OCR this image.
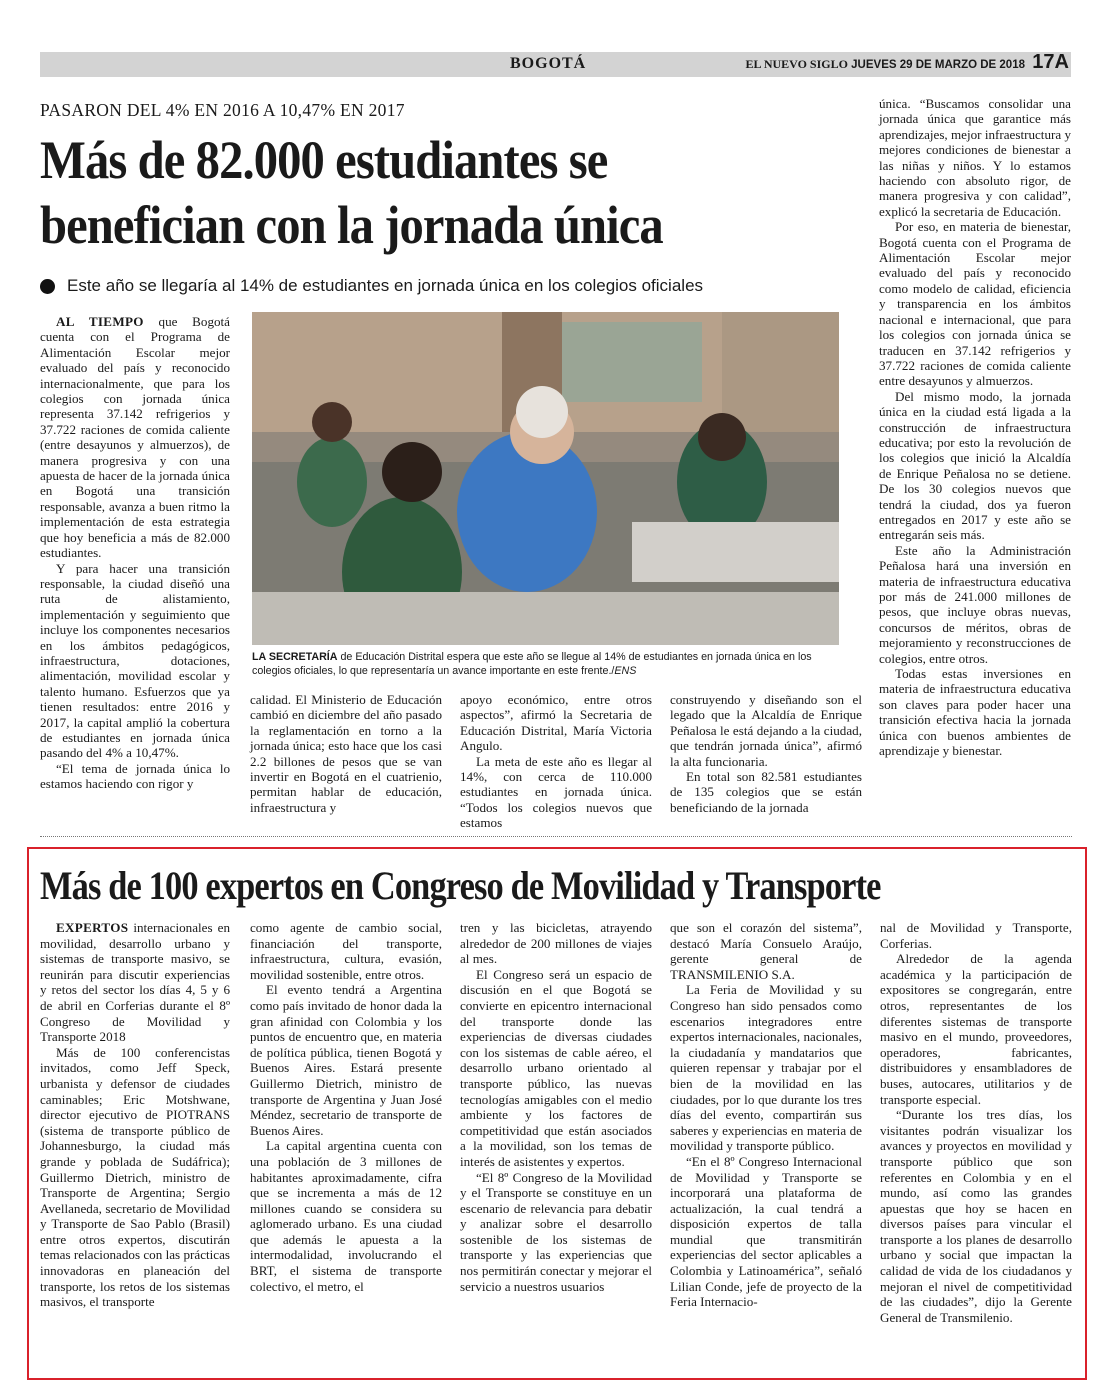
BOGOTÁ	EL NUEVO SIGLO JUEVES 29 DE MARZO DE 2018 17A
PASARON DEL 4% EN 2016 A 10,47% EN 2017
Más de 82.000 estudiantes se benefician con la jornada única
Este año se llegaría al 14% de estudiantes en jornada única en los colegios oficiales

AL TIEMPO que Bogotá cuenta con el Programa de Alimentación Escolar mejor evaluado del país y reconocido internacionalmente, que para los colegios con jornada única representa 37.142 refrigerios y 37.722 raciones de comida caliente (entre desayunos y almuerzos), de manera progresiva y con una apuesta de hacer de la jornada única en Bogotá una transición responsable, avanza a buen ritmo la implementación de esta estrategia que hoy beneficia a más de 82.000 estudiantes.

Y para hacer una transición responsable, la ciudad diseñó una ruta de alistamiento, implementación y seguimiento que incluye los componentes necesarios en los ámbitos pedagógicos, infraestructura, dotaciones, alimentación, movilidad escolar y talento humano. Esfuerzos que ya tienen resultados: entre 2016 y 2017, la capital amplió la cobertura de estudiantes en jornada única pasando del 4% a 10,47%.

“El tema de jornada única lo estamos haciendo con rigor y

LA SECRETARÍA de Educación Distrital espera que este año se llegue al 14% de estudiantes en jornada única en los colegios oficiales, lo que representaría un avance importante en este frente./ENS

calidad. El Ministerio de Educación cambió en diciembre del año pasado la reglamentación en torno a la jornada única; esto hace que los casi 2.2 billones de pesos que se van invertir en Bogotá en el cuatrienio, permitan hablar de educación, infraestructura y

apoyo económico, entre otros aspectos”, afirmó la Secretaria de Educación Distrital, María Victoria Angulo.

La meta de este año es llegar al 14%, con cerca de 110.000 estudiantes en jornada única. “Todos los colegios nuevos que estamos

construyendo y diseñando son el legado que la Alcaldía de Enrique Peñalosa le está dejando a la ciudad, que tendrán jornada única”, afirmó la alta funcionaria.

En total son 82.581 estudiantes de 135 colegios que se están beneficiando de la jornada

única. “Buscamos consolidar una jornada única que garantice más aprendizajes, mejor infraestructura y mejores condiciones de bienestar a las niñas y niños. Y lo estamos haciendo con absoluto rigor, de manera progresiva y con calidad”, explicó la secretaria de Educación.

Por eso, en materia de bienestar, Bogotá cuenta con el Programa de Alimentación Escolar mejor evaluado del país y reconocido como modelo de calidad, eficiencia y transparencia en los ámbitos nacional e internacional, que para los colegios con jornada única se traducen en 37.142 refrigerios y 37.722 raciones de comida caliente entre desayunos y almuerzos.

Del mismo modo, la jornada única en la ciudad está ligada a la construcción de infraestructura educativa; por esto la revolución de los colegios que inició la Alcaldía de Enrique Peñalosa no se detiene. De los 30 colegios nuevos que tendrá la ciudad, dos ya fueron entregados en 2017 y este año se entregarán seis más.

Este año la Administración Peñalosa hará una inversión en materia de infraestructura educativa por más de 241.000 millones de pesos, que incluye obras nuevas, concursos de méritos, obras de mejoramiento y reconstrucciones de colegios, entre otros.

Todas estas inversiones en materia de infraestructura educativa son claves para poder hacer una transición efectiva hacia la jornada única con buenos ambientes de aprendizaje y bienestar.

Más de 100 expertos en Congreso de Movilidad y Transporte

EXPERTOS internacionales en movilidad, desarrollo urbano y sistemas de transporte masivo, se reunirán para discutir experiencias y retos del sector los días 4, 5 y 6 de abril en Corferias durante el 8º Congreso de Movilidad y Transporte 2018

Más de 100 conferencistas invitados, como Jeff Speck, urbanista y defensor de ciudades caminables; Eric Motshwane, director ejecutivo de PIOTRANS (sistema de transporte público de Johannesburgo, la ciudad más grande y poblada de Sudáfrica); Guillermo Dietrich, ministro de Transporte de Argentina; Sergio Avellaneda, secretario de Movilidad y Transporte de Sao Pablo (Brasil) entre otros expertos, discutirán temas relacionados con las prácticas innovadoras en planeación del transporte, los retos de los sistemas masivos, el transporte

como agente de cambio social, financiación del transporte, infraestructura, cultura, evasión, movilidad sostenible, entre otros.

El evento tendrá a Argentina como país invitado de honor dada la gran afinidad con Colombia y los puntos de encuentro que, en materia de política pública, tienen Bogotá y Buenos Aires. Estará presente Guillermo Dietrich, ministro de transporte de Argentina y Juan José Méndez, secretario de transporte de Buenos Aires.

La capital argentina cuenta con una población de 3 millones de habitantes aproximadamente, cifra que se incrementa a más de 12 millones cuando se considera su aglomerado urbano. Es una ciudad que además le apuesta a la intermodalidad, involucrando el BRT, el sistema de transporte colectivo, el metro, el

tren y las bicicletas, atrayendo alrededor de 200 millones de viajes al mes.

El Congreso será un espacio de discusión en el que Bogotá se convierte en epicentro internacional del transporte donde las experiencias de diversas ciudades con los sistemas de cable aéreo, el desarrollo urbano orientado al transporte público, las nuevas tecnologías amigables con el medio ambiente y los factores de competitividad que están asociados a la movilidad, son los temas de interés de asistentes y expertos.

“El 8º Congreso de la Movilidad y el Transporte se constituye en un escenario de relevancia para debatir y analizar sobre el desarrollo sostenible de los sistemas de transporte y las experiencias que nos permitirán conectar y mejorar el servicio a nuestros usuarios

que son el corazón del sistema”, destacó María Consuelo Araújo, gerente general de TRANSMILENIO S.A.

La Feria de Movilidad y su Congreso han sido pensados como escenarios integradores entre expertos internacionales, nacionales, la ciudadanía y mandatarios que quieren repensar y trabajar por el bien de la movilidad en las ciudades, por lo que durante los tres días del evento, compartirán sus saberes y experiencias en materia de movilidad y transporte público.

“En el 8º Congreso Internacional de Movilidad y Transporte se incorporará una plataforma de actualización, la cual tendrá a disposición expertos de talla mundial que transmitirán experiencias del sector aplicables a Colombia y Latinoamérica”, señaló Lilian Conde, jefe de proyecto de la Feria Internacio-

nal de Movilidad y Transporte, Corferias.

Alrededor de la agenda académica y la participación de expositores se congregarán, entre otros, representantes de los diferentes sistemas de transporte masivo en el mundo, proveedores, operadores, fabricantes, distribuidores y ensambladores de buses, autocares, utilitarios y de transporte especial.

“Durante los tres días, los visitantes podrán visualizar los avances y proyectos en movilidad y transporte público que son referentes en Colombia y en el mundo, así como las grandes apuestas que hoy se hacen en diversos países para vincular el transporte a los planes de desarrollo urbano y social que impactan la calidad de vida de los ciudadanos y mejoran el nivel de competitividad de las ciudades”, dijo la Gerente General de Transmilenio.
